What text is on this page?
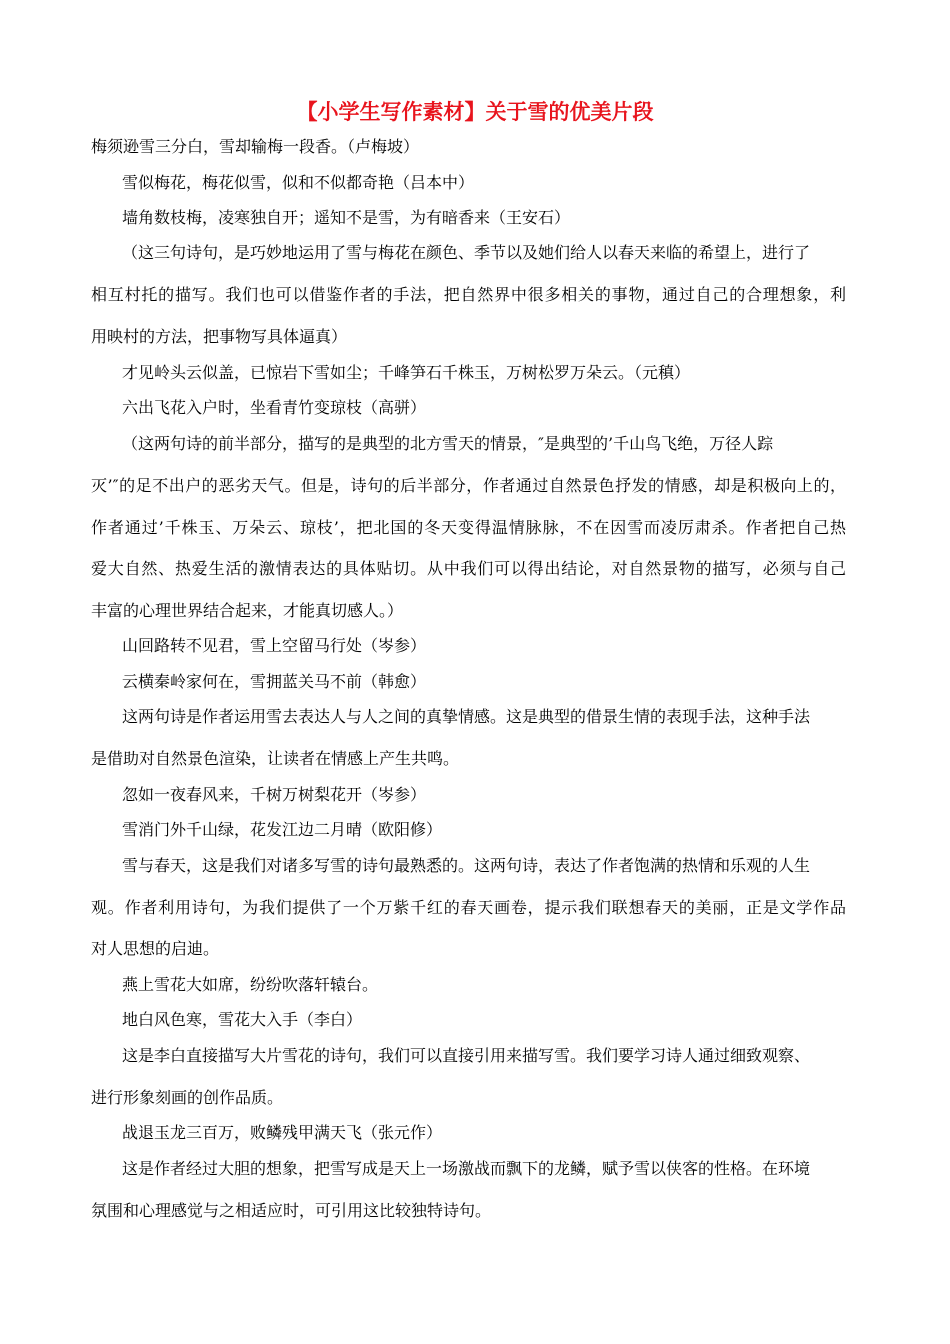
【小学生写作素材】关于雪的优美片段
梅须逊雪三分白，雪却输梅一段香。（卢梅坡）
雪似梅花，梅花似雪，似和不似都奇艳（吕本中）
墙角数枝梅，凌寒独自开；遥知不是雪，为有暗香来（王安石）
（这三句诗句，是巧妙地运用了雪与梅花在颜色、季节以及她们给人以春天来临的希望上，进行了
相互村托的描写。我们也可以借鉴作者的手法，把自然界中很多相关的事物，通过自己的合理想象，利
用映村的方法，把事物写具体逼真）
才见岭头云似盖，已惊岩下雪如尘；千峰笋石千株玉，万树松罗万朵云。（元稹）
六出飞花入户时，坐看青竹变琼枝（高骈）
（这两句诗的前半部分，描写的是典型的北方雪天的情景，″是典型的’千山鸟飞绝，万径人踪
灭’″的足不出户的恶劣天气。但是，诗句的后半部分，作者通过自然景色抒发的情感，却是积极向上的，
作者通过’千株玉、万朵云、琼枝’，把北国的冬天变得温情脉脉，不在因雪而凌厉肃杀。作者把自己热
爱大自然、热爱生活的激情表达的具体贴切。从中我们可以得出结论，对自然景物的描写，必须与自己
丰富的心理世界结合起来，才能真切感人。）
山回路转不见君，雪上空留马行处（岑参）
云横秦岭家何在，雪拥蓝关马不前（韩愈）
这两句诗是作者运用雪去表达人与人之间的真挚情感。这是典型的借景生情的表现手法，这种手法
是借助对自然景色渲染，让读者在情感上产生共鸣。
忽如一夜春风来，千树万树梨花开（岑参）
雪消门外千山绿，花发江边二月晴（欧阳修）
雪与春天，这是我们对诸多写雪的诗句最熟悉的。这两句诗，表达了作者饱满的热情和乐观的人生
观。作者利用诗句，为我们提供了一个万紫千红的春天画卷，提示我们联想春天的美丽，正是文学作品
对人思想的启迪。
燕上雪花大如席，纷纷吹落轩辕台。
地白风色寒，雪花大入手（李白）
这是李白直接描写大片雪花的诗句，我们可以直接引用来描写雪。我们要学习诗人通过细致观察、
进行形象刻画的创作品质。
战退玉龙三百万，败鳞残甲满天飞（张元作）
这是作者经过大胆的想象，把雪写成是天上一场激战而飘下的龙鳞，赋予雪以侠客的性格。在环境
氛围和心理感觉与之相适应时，可引用这比较独特诗句。
